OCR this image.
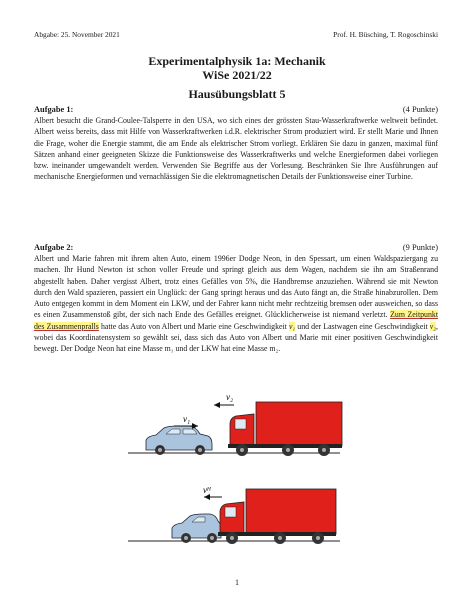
Abgabe: 25. November 2021	Prof. H. Büsching, T. Rogoschinski
Experimentalphysik 1a: Mechanik
WiSe 2021/22
Hausübungsblatt 5
Aufgabe 1:	(4 Punkte)
Albert besucht die Grand-Coulee-Talsperre in den USA, wo sich eines der grössten Stau-Wasserkraftwerke weltweit befindet. Albert weiss bereits, dass mit Hilfe von Wasserkraftwerken i.d.R. elektrischer Strom produziert wird. Er stellt Marie und Ihnen die Frage, woher die Energie stammt, die am Ende als elektrischer Strom vorliegt. Erklären Sie dazu in ganzen, maximal fünf Sätzen anhand einer geeigneten Skizze die Funktionsweise des Wasserkraftwerks und welche Energieformen dabei vorliegen bzw. ineinander umgewandelt werden. Verwenden Sie Begriffe aus der Vorlesung. Beschränken Sie Ihre Ausführungen auf mechanische Energieformen und vernachlässigen Sie die elektromagnetischen Details der Funktionsweise einer Turbine.
Aufgabe 2:	(9 Punkte)
Albert und Marie fahren mit ihrem alten Auto, einem 1996er Dodge Neon, in den Spessart, um einen Waldspaziergang zu machen. Ihr Hund Newton ist schon voller Freude und springt gleich aus dem Wagen, nachdem sie ihn am Straßenrand abgestellt haben. Daher vergisst Albert, trotz eines Gefälles von 5%, die Handbremse anzuziehen. Während sie mit Newton durch den Wald spazieren, passiert ein Unglück: der Gang springt heraus und das Auto fängt an, die Straße hinabzurollen. Dem Auto entgegen kommt in dem Moment ein LKW, und der Fahrer kann nicht mehr rechtzeitig bremsen oder ausweichen, so dass es einen Zusammenstoß gibt, der sich nach Ende des Gefälles ereignet. Glücklicherweise ist niemand verletzt. Zum Zeitpunkt des Zusammenpralls hatte das Auto von Albert und Marie eine Geschwindigkeit v₁ und der Lastwagen eine Geschwindigkeit v₂, wobei das Koordinatensystem so gewählt sei, dass sich das Auto von Albert und Marie mit einer positiven Geschwindigkeit bewegt. Der Dodge Neon hat eine Masse m₁ und der LKW hat eine Masse m₂.
v₁
v₂
vᴴ
1
